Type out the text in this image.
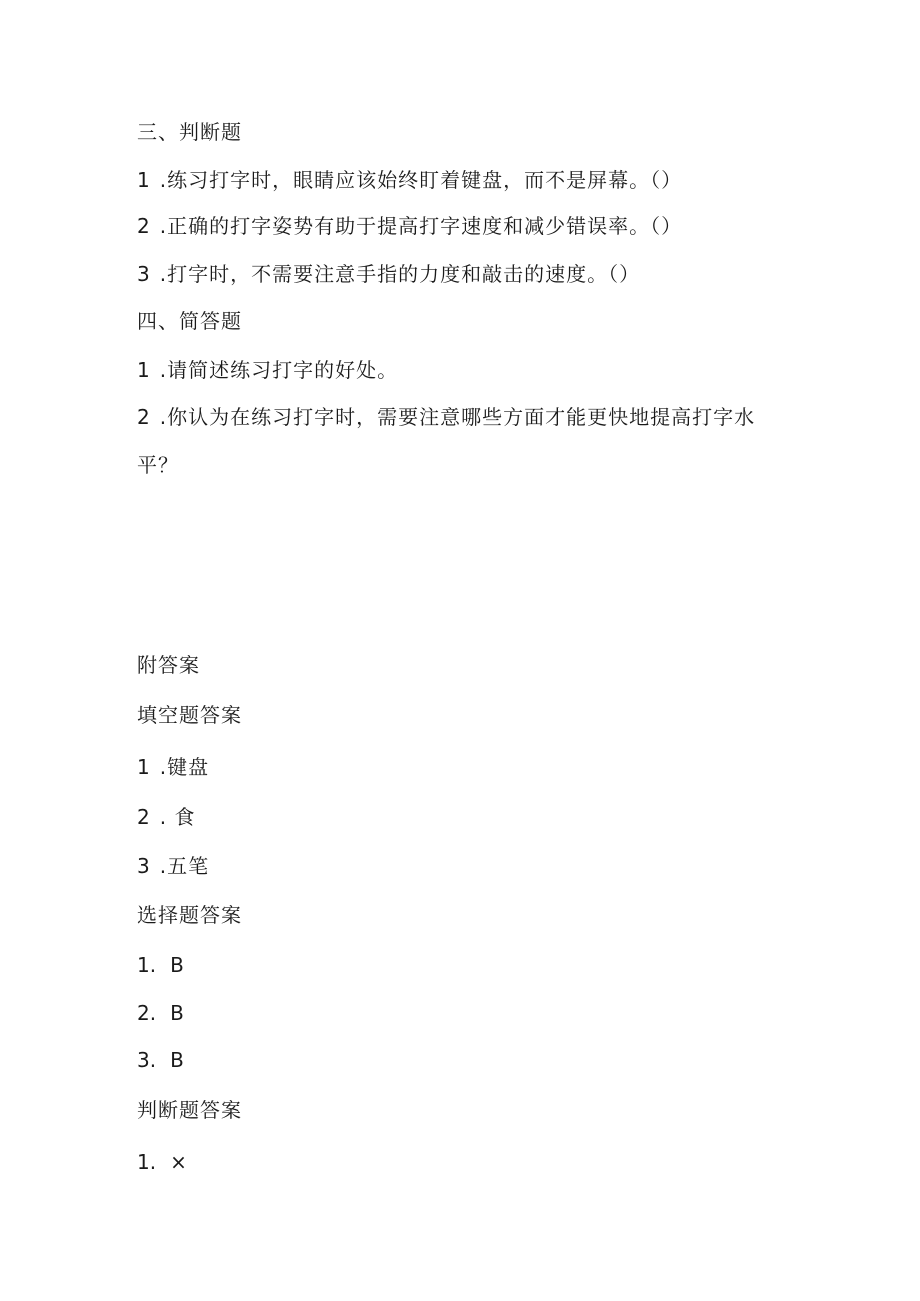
三、判断题
1 .练习打字时，眼睛应该始终盯着键盘，而不是屏幕。（）
2 .正确的打字姿势有助于提高打字速度和减少错误率。（）
3 .打字时，不需要注意手指的力度和敲击的速度。（）
四、简答题
1 .请简述练习打字的好处。
2 .你认为在练习打字时，需要注意哪些方面才能更快地提高打字水
平？
附答案
填空题答案
1 .键盘
2 . 食
3 .五笔
选择题答案
1. B
2. B
3. B
判断题答案
1. ×
